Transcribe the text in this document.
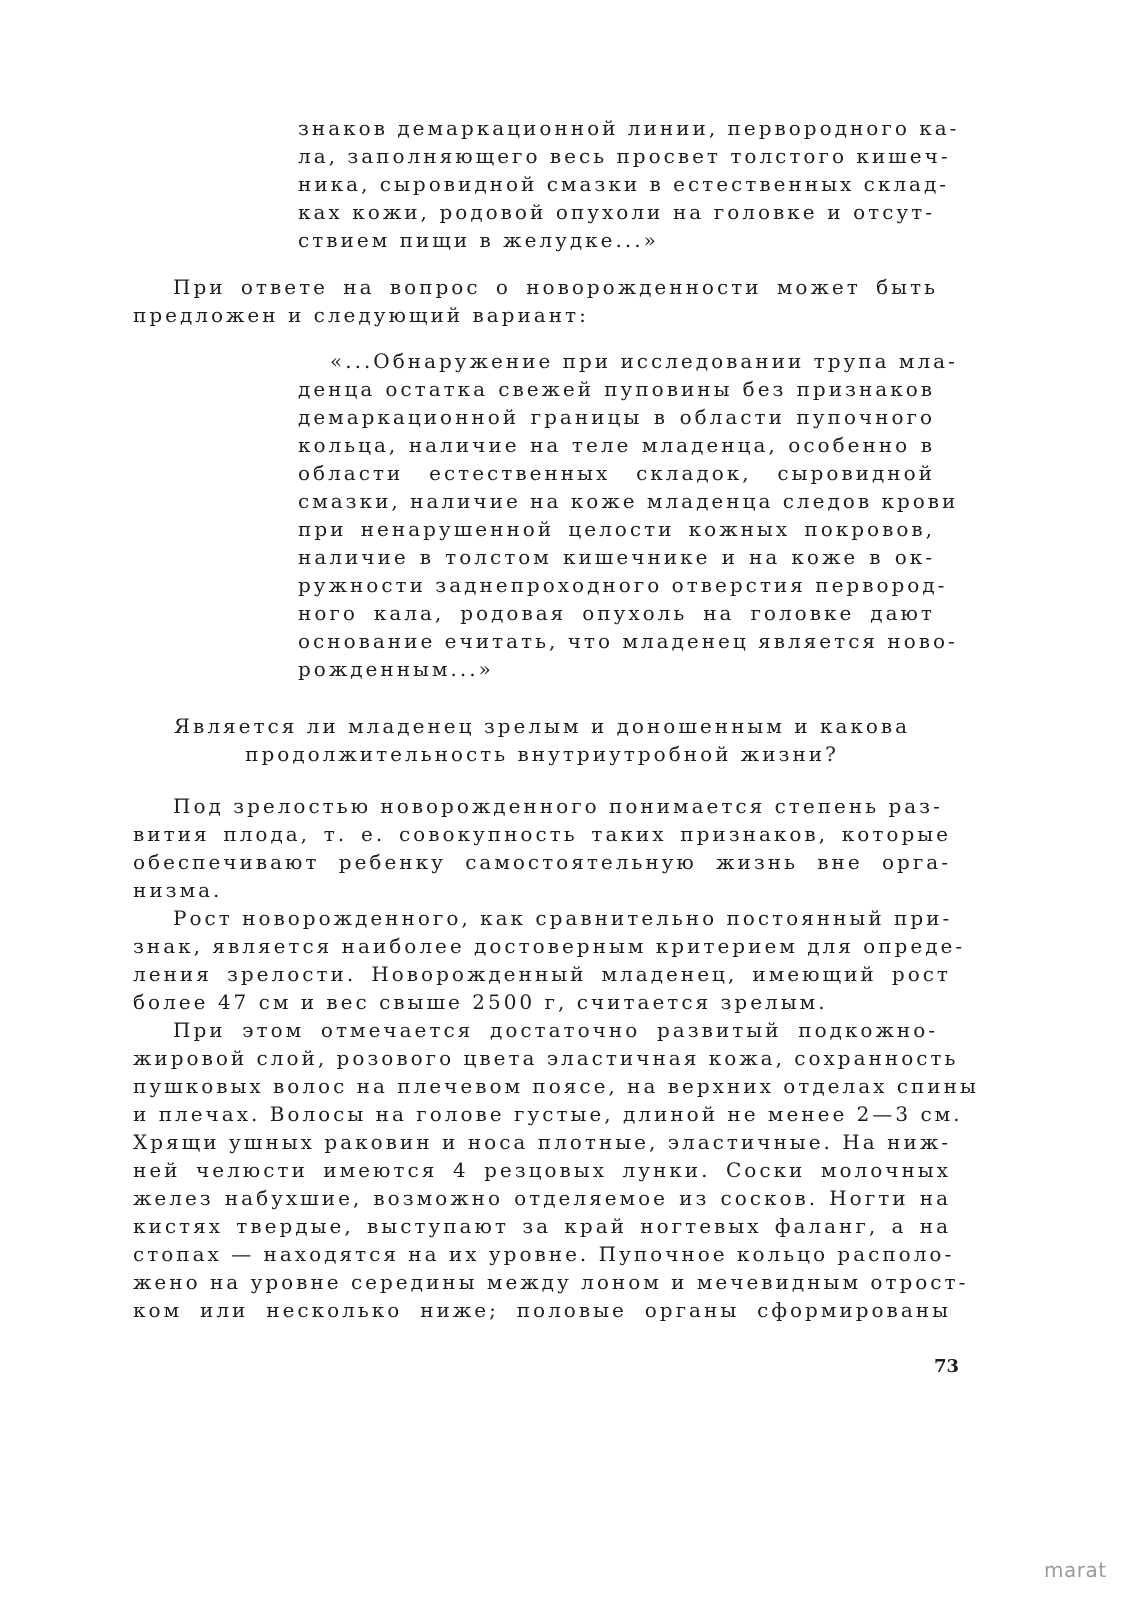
знаков демаркационной линии, первородного ка-

ла, заполняющего весь просвет толстого кишеч-

ника, сыровидной смазки в естественных склад-

ках кожи, родовой опухоли на головке и отсут-

ствием пищи в желудке...»

При ответе на вопрос о новорожденности может быть

предложен и следующий вариант:

«...Обнаружение при исследовании трупа мла-

денца остатка свежей пуповины без признаков

демаркационной границы в области пупочного

кольца, наличие на теле младенца, особенно в

области естественных складок, сыровидной

смазки, наличие на коже младенца следов крови

при ненарушенной целости кожных покровов,

наличие в толстом кишечнике и на коже в ок-

ружности заднепроходного отверстия первород-

ного кала, родовая опухоль на головке дают

основание ечитать, что младенец является ново-

рожденным...»

Является ли младенец зрелым и доношенным и какова

продолжительность внутриутробной жизни?

Под зрелостью новорожденного понимается степень раз-

вития плода, т. е. совокупность таких признаков, которые

обеспечивают ребенку самостоятельную жизнь вне орга-

низма.

Рост новорожденного, как сравнительно постоянный при-

знак, является наиболее достоверным критерием для опреде-

ления зрелости. Новорожденный младенец, имеющий рост

более 47 см и вес свыше 2500 г, считается зрелым.

При этом отмечается достаточно развитый подкожно-

жировой слой, розового цвета эластичная кожа, сохранность

пушковых волос на плечевом поясе, на верхних отделах спины

и плечах. Волосы на голове густые, длиной не менее 2—3 см.

Хрящи ушных раковин и носа плотные, эластичные. На ниж-

ней челюсти имеются 4 резцовых лунки. Соски молочных

желез набухшие, возможно отделяемое из сосков. Ногти на

кистях твердые, выступают за край ногтевых фаланг, а на

стопах — находятся на их уровне. Пупочное кольцо располо-

жено на уровне середины между лоном и мечевидным отрост-

ком или несколько ниже; половые органы сформированы

73

marat
